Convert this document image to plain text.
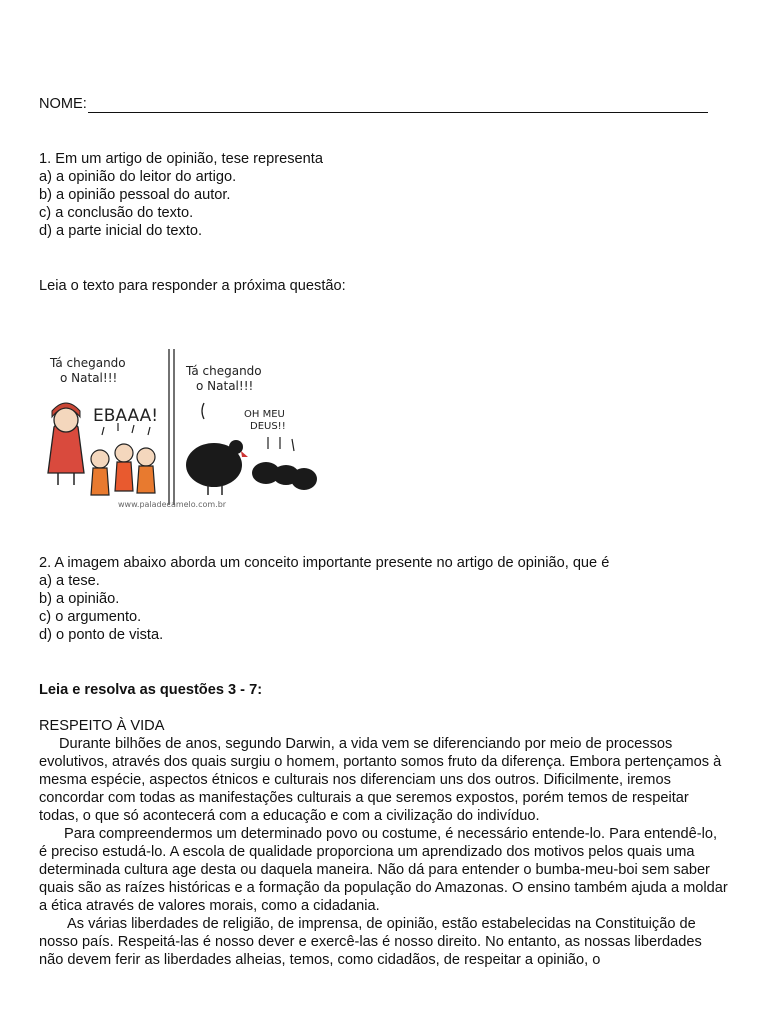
NOME:
1. Em um artigo de opinião, tese representa
a) a opinião do leitor do artigo.
b) a opinião pessoal do autor.
c) a conclusão do texto.
d) a parte inicial do texto.
Leia o texto para responder a próxima questão:
Tá chegando
o Natal!!!
EBAAA!
Tá chegando
o Natal!!!
OH MEU
DEUS!!
www.paladecamelo.com.br
2. A imagem abaixo aborda um conceito importante presente no artigo de opinião, que é
a) a tese.
b) a opinião.
c) o argumento.
d) o ponto de vista.
Leia e resolva as questões 3 - 7:
RESPEITO À VIDA

Durante bilhões de anos, segundo Darwin, a vida vem se diferenciando por meio de processos evolutivos, através dos quais surgiu o homem, portanto somos fruto da diferença. Embora pertençamos à mesma espécie, aspectos étnicos e culturais nos diferenciam uns dos outros. Dificilmente, iremos concordar com todas as manifestações culturais a que seremos expostos, porém temos de respeitar todas, o que só acontecerá com a educação e com a civilização do indivíduo.

Para compreendermos um determinado povo ou costume, é necessário entende-lo. Para entendê-lo, é preciso estudá-lo. A escola de qualidade proporciona um aprendizado dos motivos pelos quais uma determinada cultura age desta ou daquela maneira. Não dá para entender o bumba-meu-boi sem saber quais são as raízes históricas e a formação da população do Amazonas. O ensino também ajuda a moldar a ética através de valores morais, como a cidadania.

As várias liberdades de religião, de imprensa, de opinião, estão estabelecidas na Constituição de nosso país. Respeitá-las é nosso dever e exercê-las é nosso direito. No entanto, as nossas liberdades não devem ferir as liberdades alheias, temos, como cidadãos, de respeitar a opinião, o
